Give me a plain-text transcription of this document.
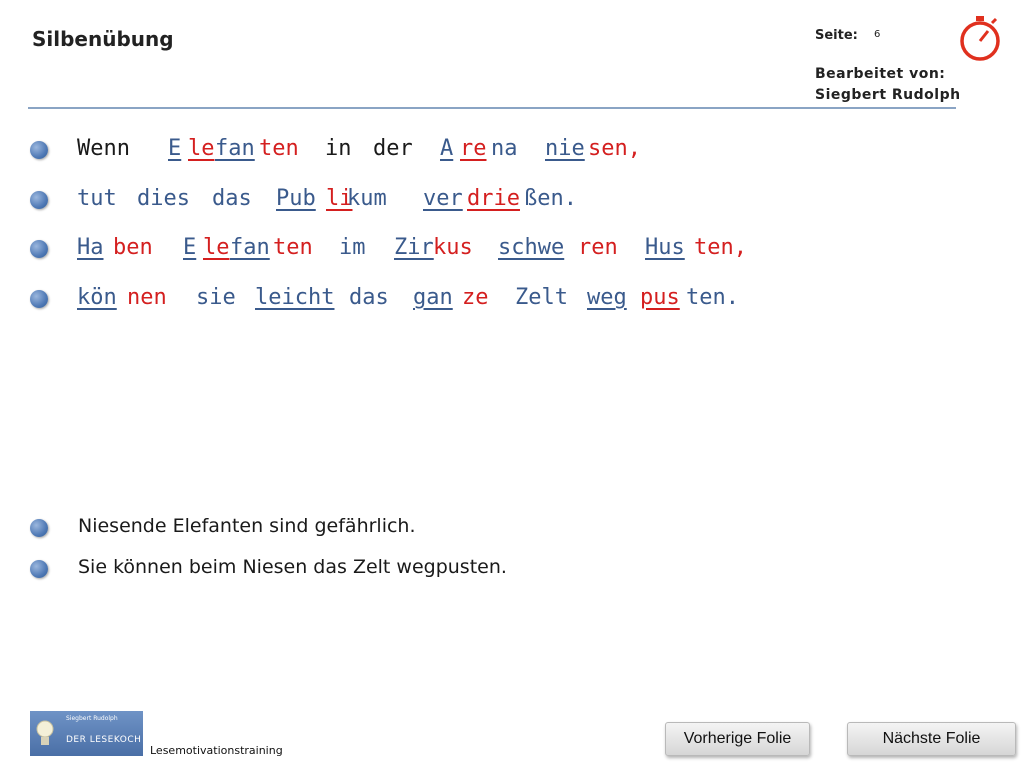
Silbenübung	Seite: 6
Bearbeitet von:
Siegbert Rudolph
Wenn E le fan ten in der A re na nie sen,
tut dies das Pub li
kum ver drie ßen.
Ha ben E le fan ten im Zir kus schwe ren Hus ten,
kön nen sie leicht das gan ze Zelt weg pus ten.
Niesende Elefanten sind gefährlich.
Sie können beim Niesen das Zelt wegpusten.
Siegbert Rudolph
DER LESEKOCH
Lesemotivationstraining
Vorherige Folie	Nächste Folie
